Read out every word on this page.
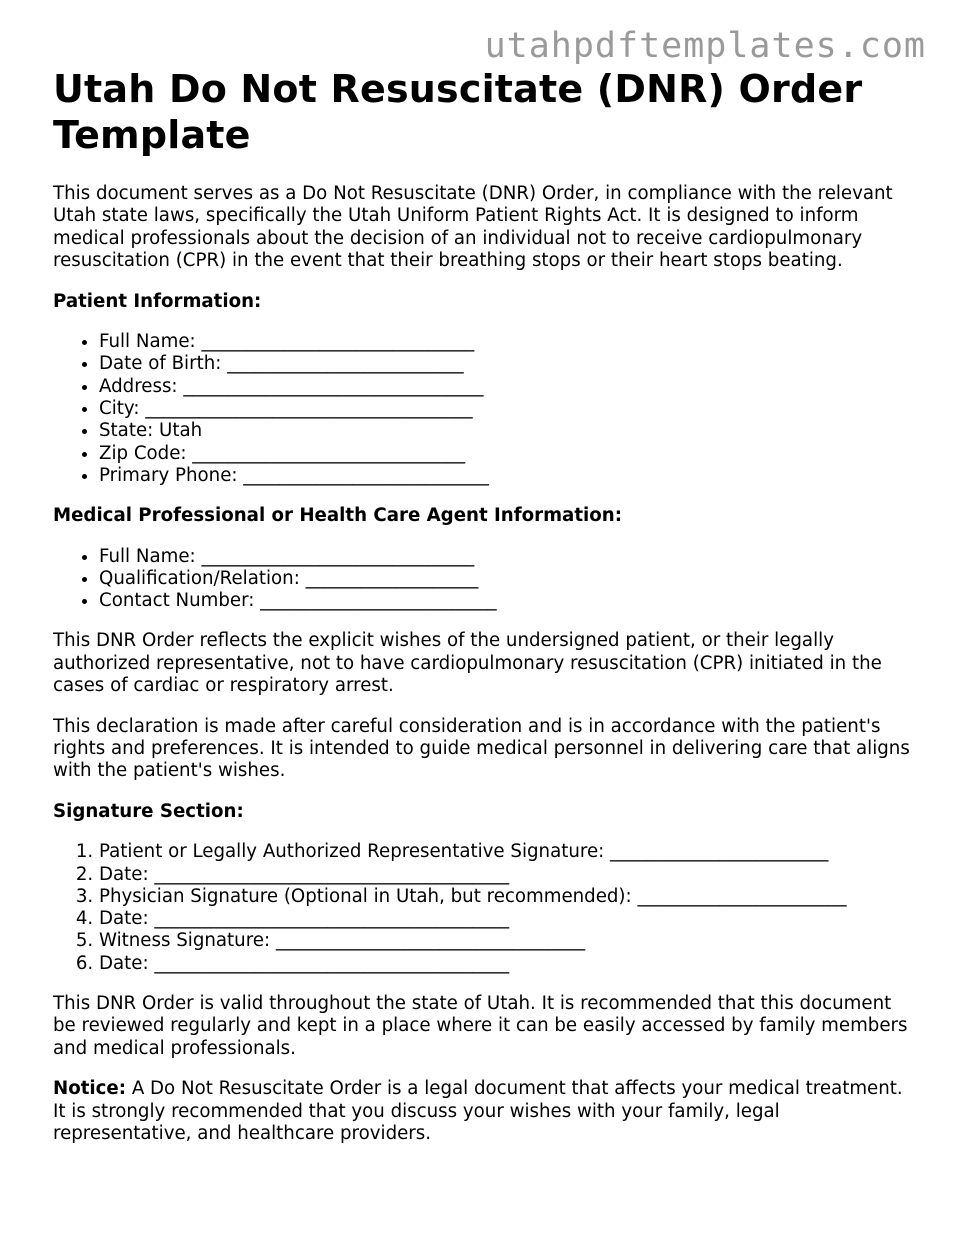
utahpdftemplates.com
Utah Do Not Resuscitate (DNR) Order Template

This document serves as a Do Not Resuscitate (DNR) Order, in compliance with the relevant Utah state laws, specifically the Utah Uniform Patient Rights Act. It is designed to inform medical professionals about the decision of an individual not to receive cardiopulmonary resuscitation (CPR) in the event that their breathing stops or their heart stops beating.

Patient Information:
• Full Name: ______________________________
• Date of Birth: __________________________
• Address: _________________________________
• City: ____________________________________
• State: Utah
• Zip Code: ______________________________
• Primary Phone: ___________________________
Medical Professional or Health Care Agent Information:
• Full Name: ______________________________
• Qualification/Relation: ___________________
• Contact Number: __________________________

This DNR Order reflects the explicit wishes of the undersigned patient, or their legally authorized representative, not to have cardiopulmonary resuscitation (CPR) initiated in the cases of cardiac or respiratory arrest.

This declaration is made after careful consideration and is in accordance with the patient's rights and preferences. It is intended to guide medical personnel in delivering care that aligns with the patient's wishes.

Signature Section:
1. Patient or Legally Authorized Representative Signature: ________________________
2. Date: _______________________________________
3. Physician Signature (Optional in Utah, but recommended): _______________________
4. Date: _______________________________________
5. Witness Signature: __________________________________
6. Date: _______________________________________

This DNR Order is valid throughout the state of Utah. It is recommended that this document be reviewed regularly and kept in a place where it can be easily accessed by family members and medical professionals.

Notice: A Do Not Resuscitate Order is a legal document that affects your medical treatment. It is strongly recommended that you discuss your wishes with your family, legal representative, and healthcare providers.
